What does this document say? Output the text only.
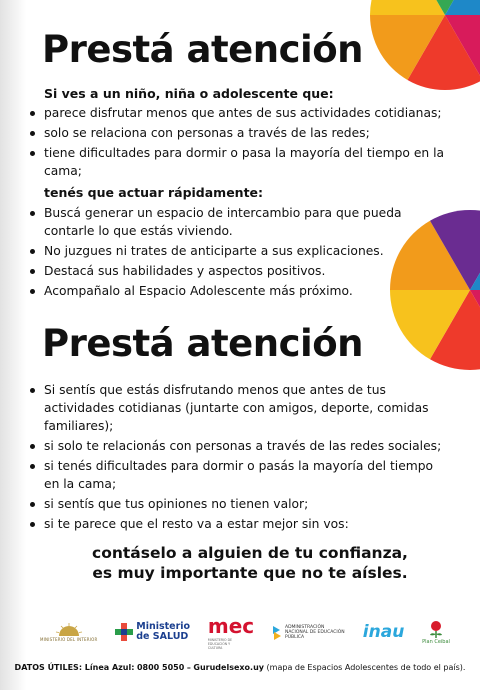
Prestá atención
Si ves a un niño, niña o adolescente que:
parece disfrutar menos que antes de sus actividades cotidianas;
solo se relaciona con personas a través de las redes;
tiene dificultades para dormir o pasa la mayoría del tiempo en la cama;
tenés que actuar rápidamente:
Buscá generar un espacio de intercambio para que pueda contarle lo que estás viviendo.
No juzgues ni trates de anticiparte a sus explicaciones.
Destacá sus habilidades y aspectos positivos.
Acompañalo al Espacio Adolescente más próximo.
Prestá atención
Si sentís que estás disfrutando menos que antes de tus actividades cotidianas (juntarte con amigos, deporte, comidas familiares);
si solo te relacionás con personas a través de las redes sociales;
si tenés dificultades para dormir o pasás la mayoría del tiempo en la cama;
si sentís que tus opiniones no tienen valor;
si te parece que el resto va a estar mejor sin vos:
contáselo a alguien de tu confianza,
es muy importante que no te aísles.
MINISTERIO DEL INTERIOR
Ministerio
de SALUD mec
MINISTERIO DE EDUCACIÓN Y CULTURA
ADMINISTRACIÓN NACIONAL DE EDUCACIÓN PÚBLICA	inau	Plan Ceibal
DATOS ÚTILES: Línea Azul: 0800 5050 – Gurudelsexo.uy (mapa de Espacios Adolescentes de todo el país).
